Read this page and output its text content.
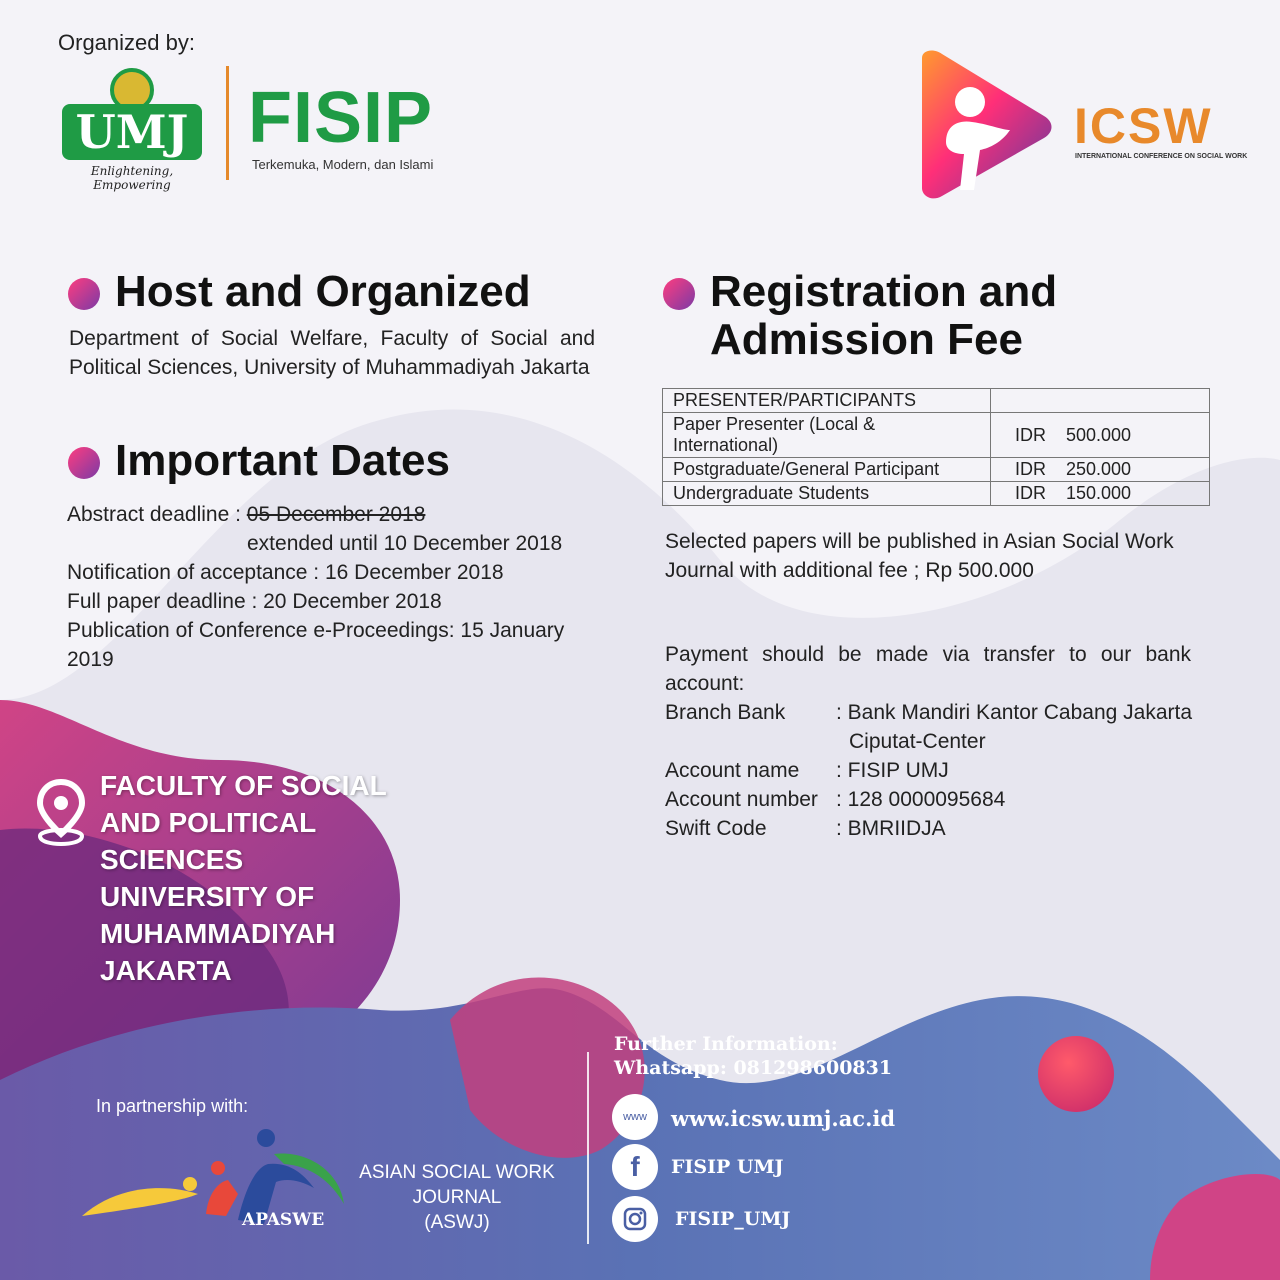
Organized by:
UMJ
Enlightening, Empowering
FISIP
Terkemuka, Modern, dan Islami
ICSW
INTERNATIONAL CONFERENCE ON SOCIAL WORK
Host and Organized
Department of Social Welfare, Faculty of Social and
Political Sciences, University of Muhammadiyah Jakarta
Important Dates
Abstract deadline : 05 December 2018
extended until 10 December 2018
Notification of acceptance : 16 December 2018
Full paper deadline : 20 December 2018
Publication of Conference e-Proceedings: 15 January
2019
Registration and
Admission Fee
PRESENTER/PARTICIPANTS	
Paper Presenter (Local & International)	IDR    500.000
Postgraduate/General Participant	IDR    250.000
Undergraduate Students	IDR    150.000
Selected papers will be published in Asian Social Work
Journal with additional fee ; Rp 500.000
Payment should be made via transfer to our bank
account:
Branch Bank : Bank Mandiri Kantor Cabang Jakarta
Ciputat-Center
Account name : FISIP UMJ
Account number : 128 0000095684
Swift Code	: BMRIIDJA
FACULTY OF SOCIAL
AND POLITICAL
SCIENCES
UNIVERSITY OF
MUHAMMADIYAH
JAKARTA
In partnership with:
APASWE
ASIAN SOCIAL WORK
JOURNAL
(ASWJ)
Further Information:
Whatsapp: 081298600831
www	www.icsw.umj.ac.id
f	FISIP UMJ
FISIP_UMJ
